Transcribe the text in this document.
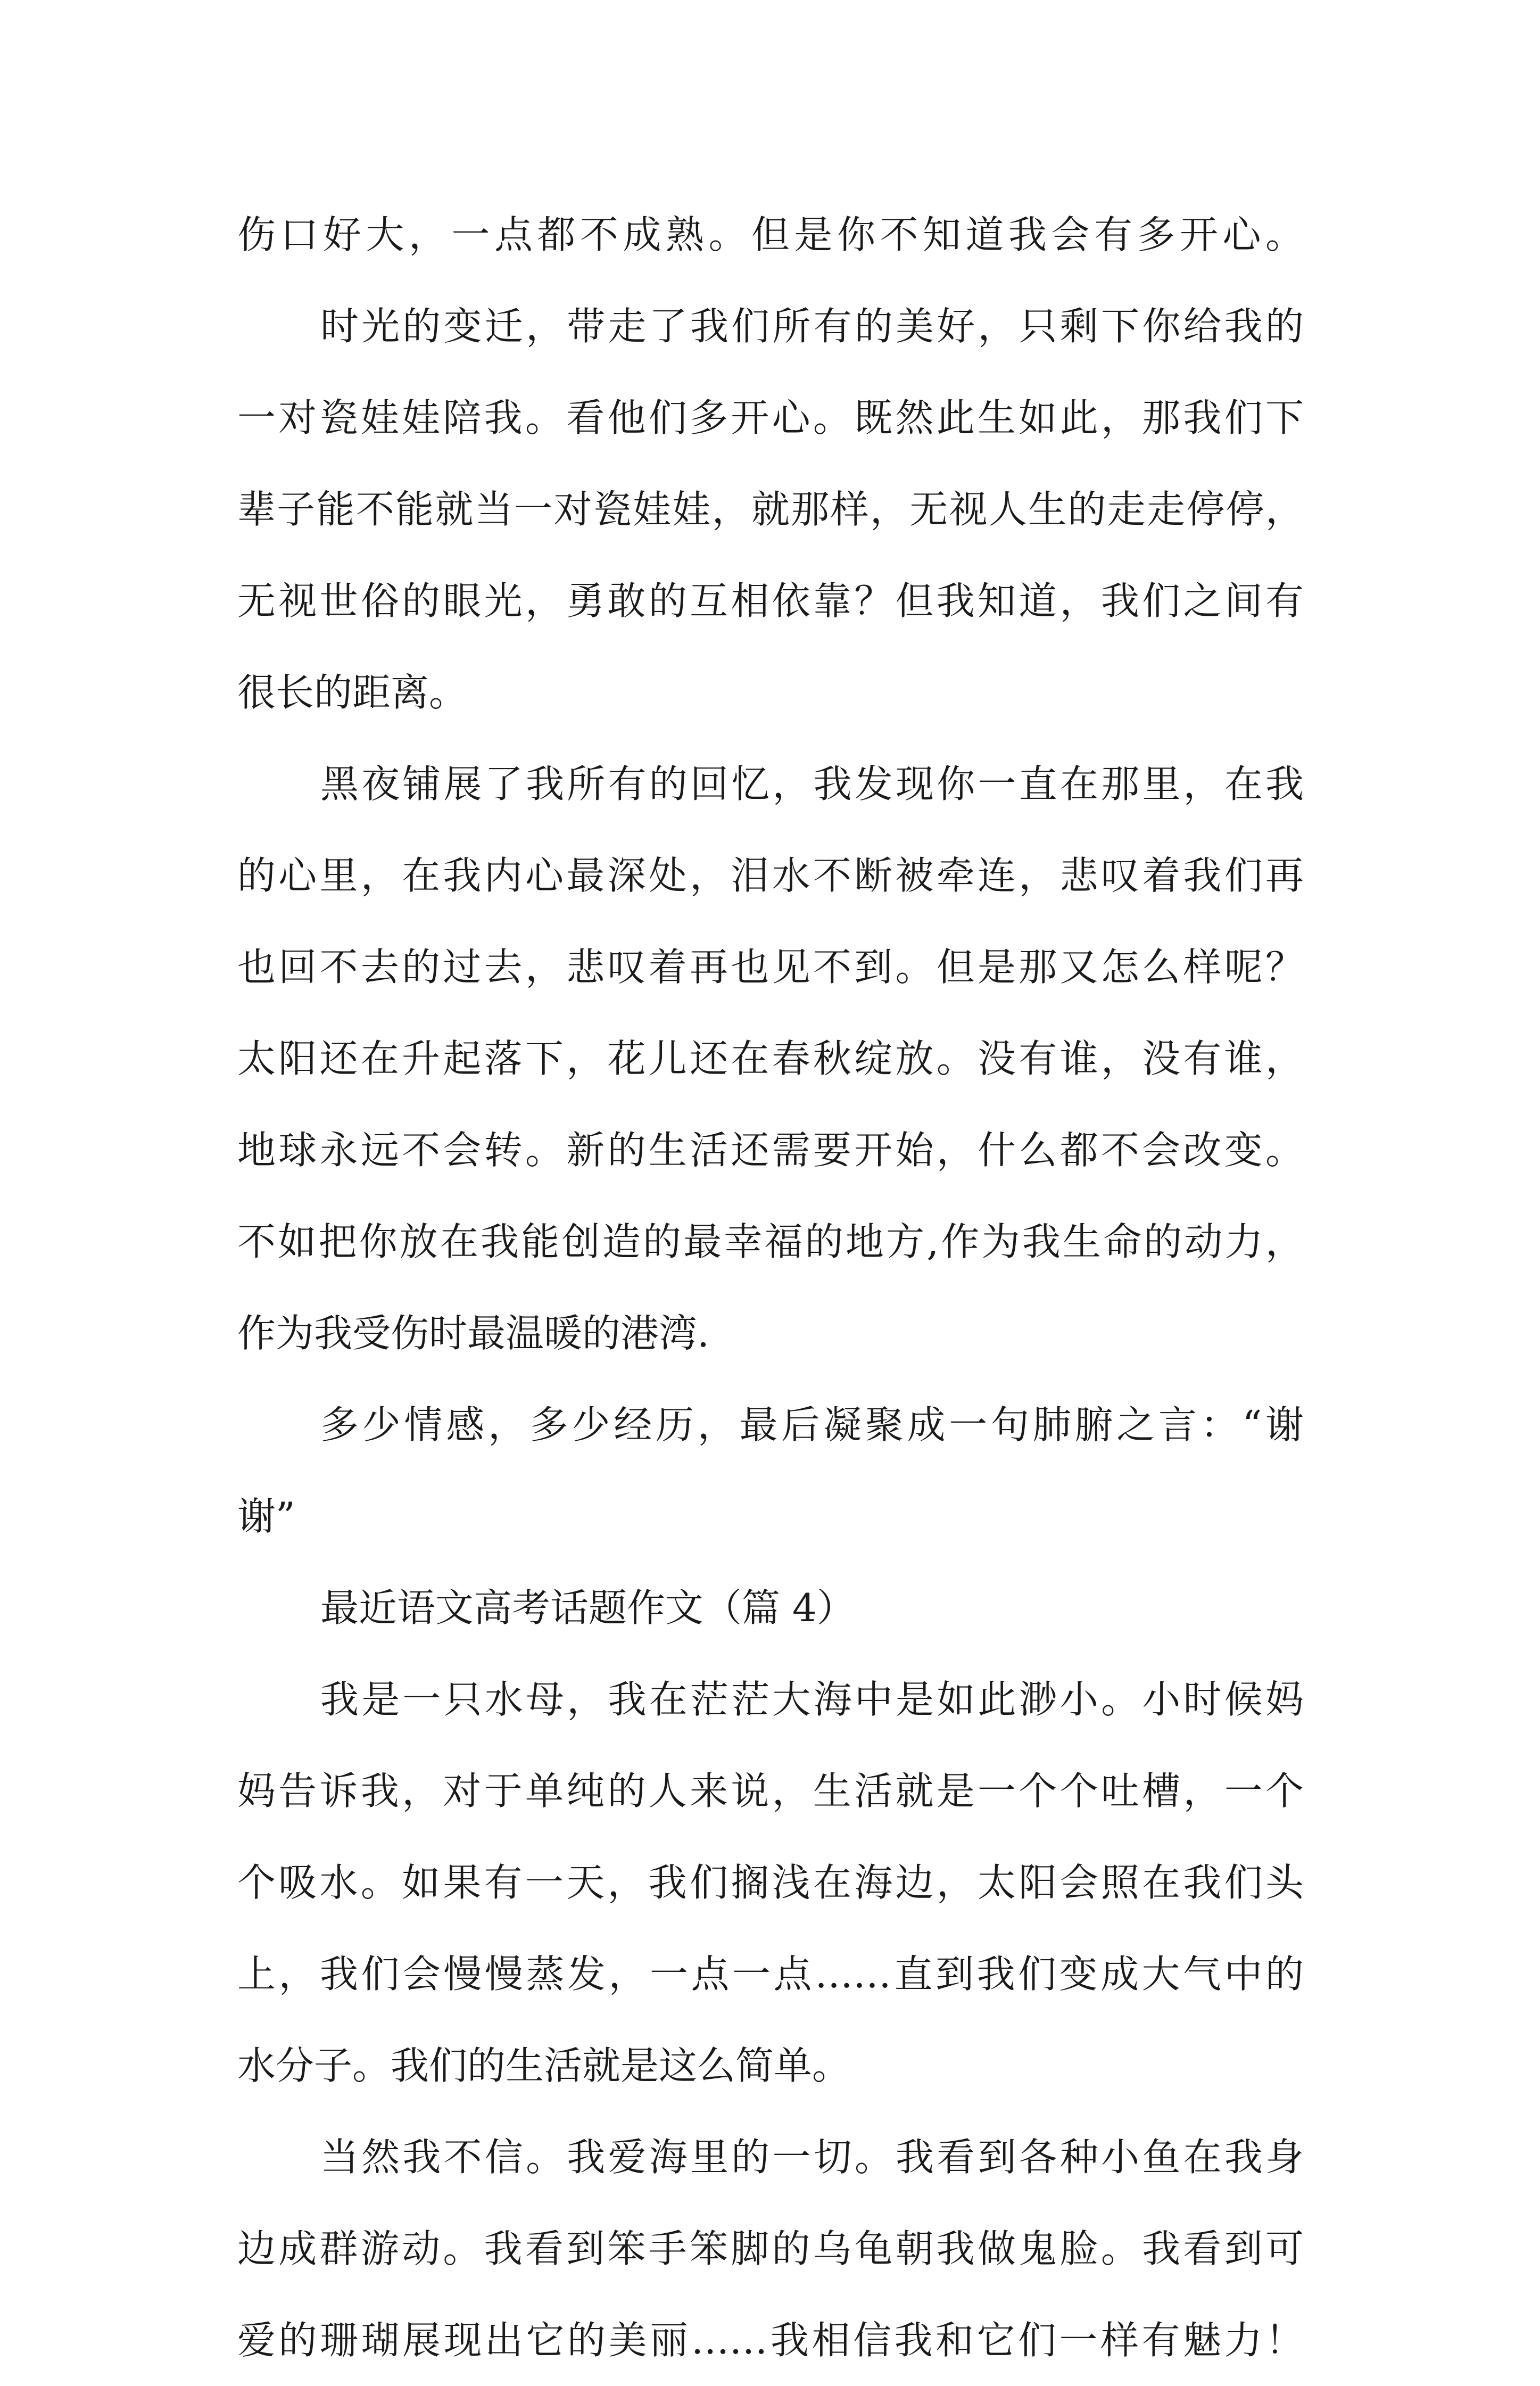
伤口好大，一点都不成熟。但是你不知道我会有多开心。
时光的变迁，带走了我们所有的美好，只剩下你给我的
一对瓷娃娃陪我。看他们多开心。既然此生如此，那我们下
辈子能不能就当一对瓷娃娃，就那样，无视人生的走走停停，
无视世俗的眼光，勇敢的互相依靠？但我知道，我们之间有
很长的距离。
黑夜铺展了我所有的回忆，我发现你一直在那里，在我
的心里，在我内心最深处，泪水不断被牵连，悲叹着我们再
也回不去的过去，悲叹着再也见不到。但是那又怎么样呢？
太阳还在升起落下，花儿还在春秋绽放。没有谁，没有谁，
地球永远不会转。新的生活还需要开始，什么都不会改变。
不如把你放在我能创造的最幸福的地方,作为我生命的动力，
作为我受伤时最温暖的港湾.
多少情感，多少经历，最后凝聚成一句肺腑之言：“谢
谢”
最近语文高考话题作文（篇 4）
我是一只水母，我在茫茫大海中是如此渺小。小时候妈
妈告诉我，对于单纯的人来说，生活就是一个个吐槽，一个
个吸水。如果有一天，我们搁浅在海边，太阳会照在我们头
上，我们会慢慢蒸发，一点一点……直到我们变成大气中的
水分子。我们的生活就是这么简单。
当然我不信。我爱海里的一切。我看到各种小鱼在我身
边成群游动。我看到笨手笨脚的乌龟朝我做鬼脸。我看到可
爱的珊瑚展现出它的美丽……我相信我和它们一样有魅力！
